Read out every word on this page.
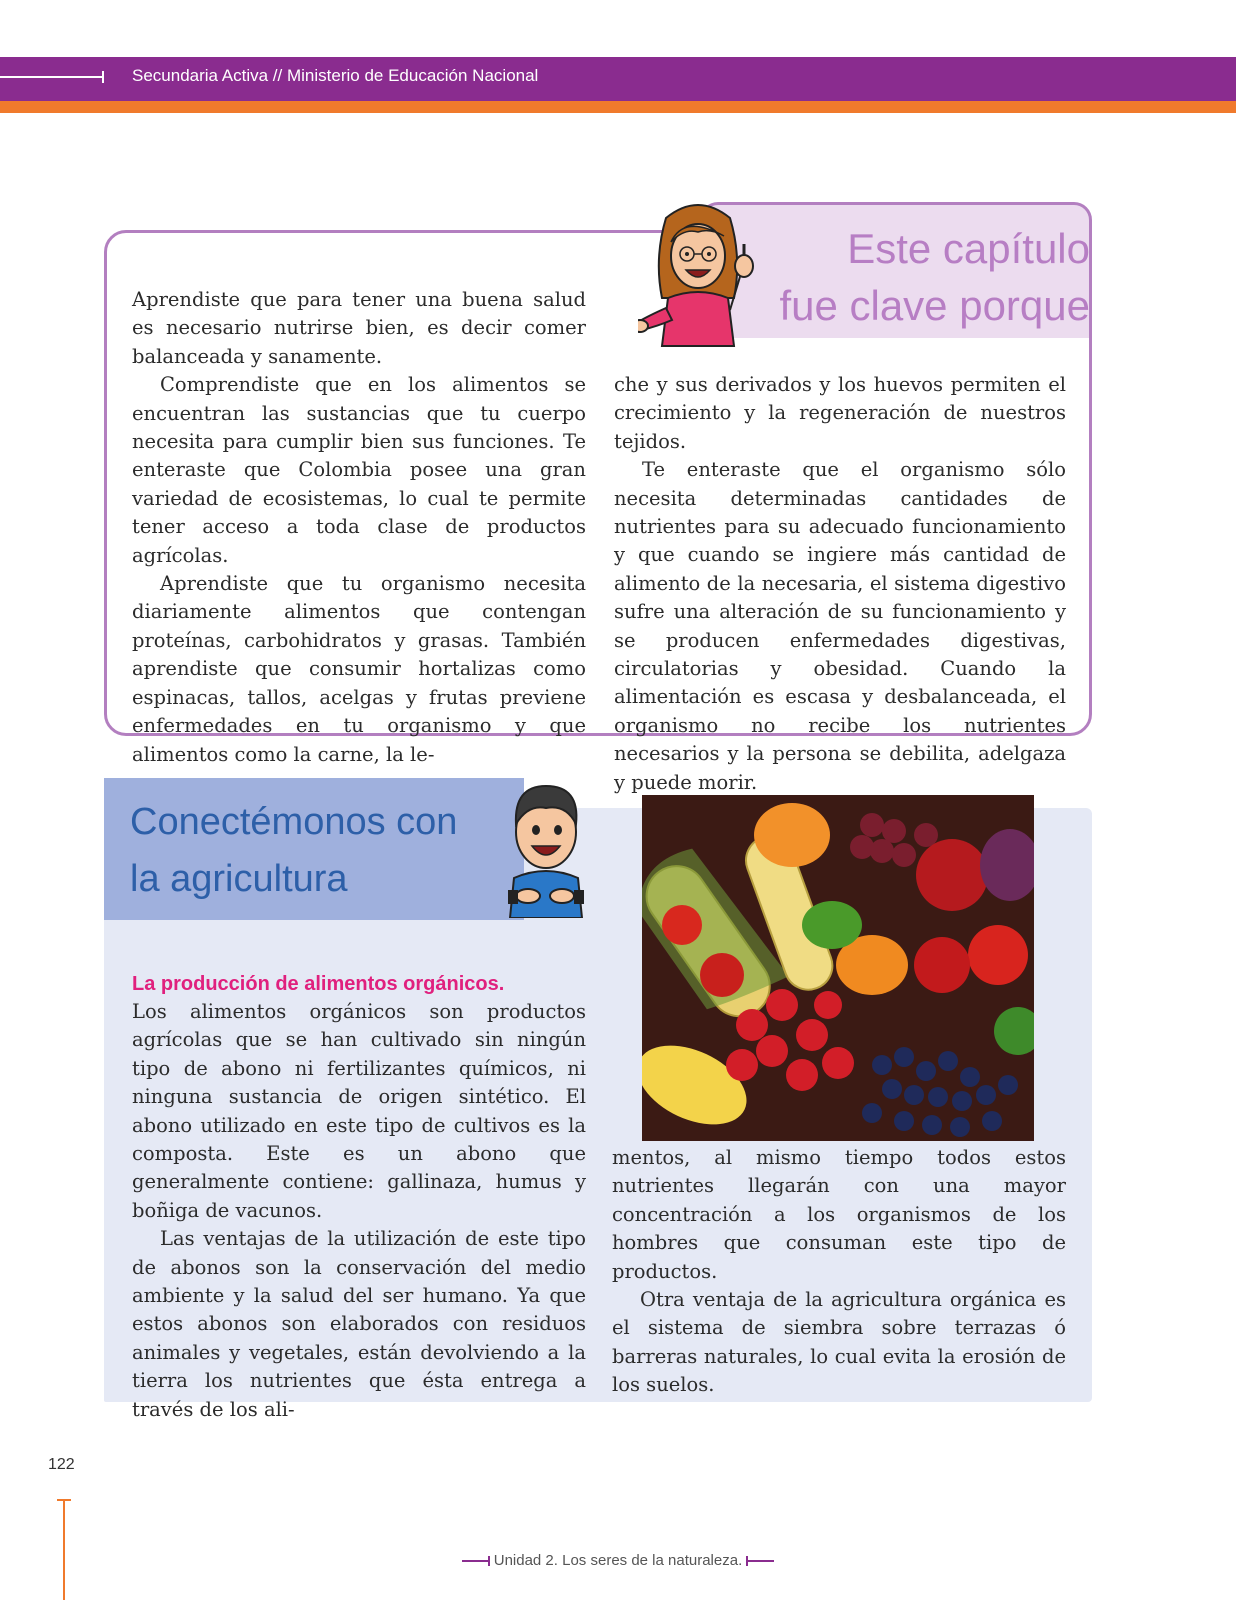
Secundaria Activa // Ministerio de Educación Nacional
Este capítulo
fue clave porque

Aprendiste que para tener una buena salud es necesario nutrirse bien, es decir comer balanceada y sanamente.

Comprendiste que en los alimentos se encuentran las sustancias que tu cuerpo necesita para cumplir bien sus funciones. Te enteraste que Colombia posee una gran variedad de ecosistemas, lo cual te permite tener acceso a toda clase de productos agrícolas.

Aprendiste que tu organismo necesita diariamente alimentos que contengan proteínas, carbohidratos y grasas. También aprendiste que consumir hortalizas como espinacas, tallos, acelgas y frutas previene enfermedades en tu organismo y que alimentos como la carne, la le-

che y sus derivados y los huevos permiten el crecimiento y la regeneración de nuestros tejidos.

Te enteraste que el organismo sólo necesita determinadas cantidades de nutrientes para su adecuado funcionamiento y que cuando se ingiere más cantidad de alimento de la necesaria, el sistema digestivo sufre una alteración de su funcionamiento y se producen enfermedades digestivas, circulatorias y obesidad. Cuando la alimentación es escasa y desbalanceada, el organismo no recibe los nutrientes necesarios y la persona se debilita, adelgaza y puede morir.

Conectémonos con
la agricultura

La producción de alimentos orgánicos.

Los alimentos orgánicos son productos agrícolas que se han cultivado sin ningún tipo de abono ni fertilizantes químicos, ni ninguna sustancia de origen sintético. El abono utilizado en este tipo de cultivos es la composta. Este es un abono que generalmente contiene: gallinaza, humus y boñiga de vacunos.

Las ventajas de la utilización de este tipo de abonos son la conservación del medio ambiente y la salud del ser humano. Ya que estos abonos son elaborados con residuos animales y vegetales, están devolviendo a la tierra los nutrientes que ésta entrega a través de los ali-

mentos, al mismo tiempo todos estos nutrientes llegarán con una mayor concentración a los organismos de los hombres que consuman este tipo de productos.

Otra ventaja de la agricultura orgánica es el sistema de siembra sobre terrazas ó barreras naturales, lo cual evita la erosión de los suelos.

122
Unidad 2. Los seres de la naturaleza.
